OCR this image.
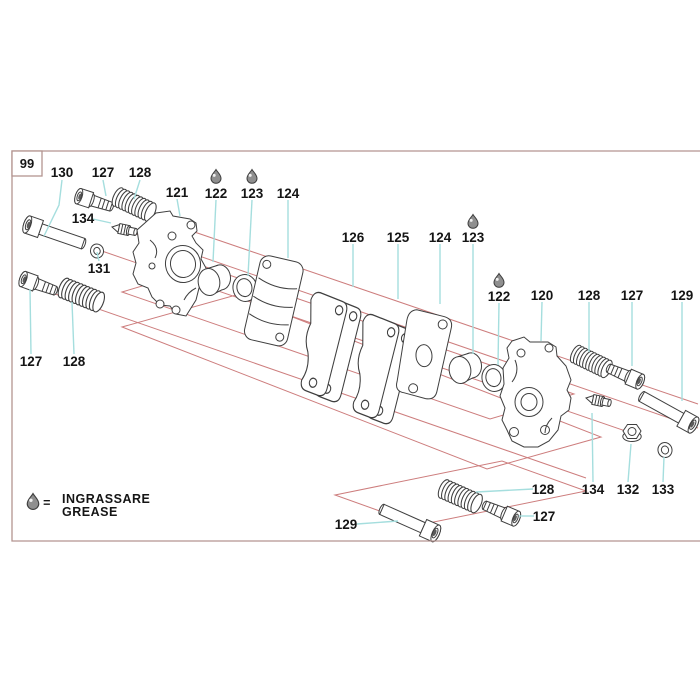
130 127 128
121 122 123 124
134
131
126 125 124 123
122 120 128 127 129
127 128
128 134 132 133
127
129
= INGRASSARE
GREASE
99
